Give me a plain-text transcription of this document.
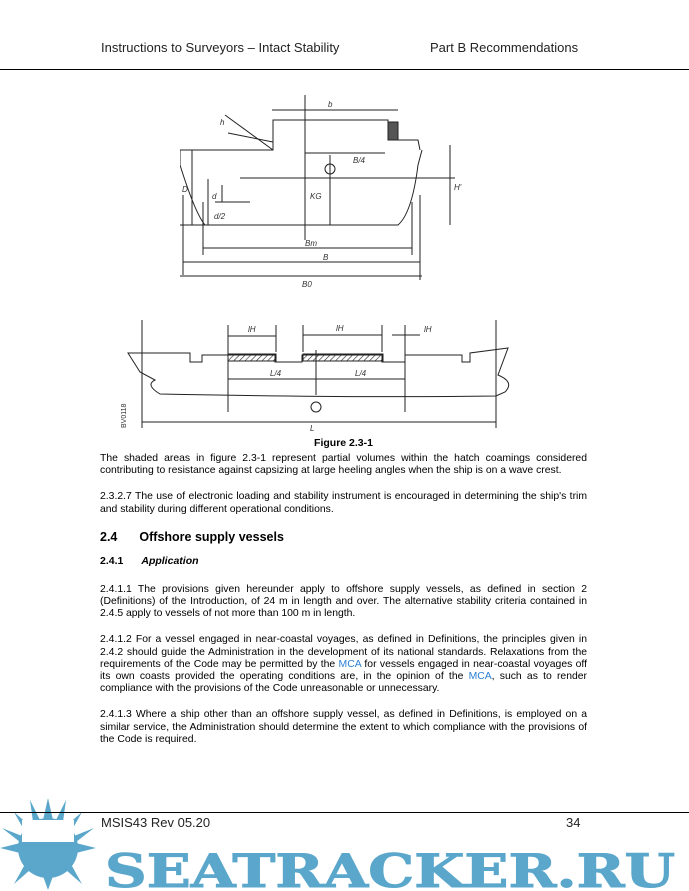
Instructions to Surveyors – Intact Stability	Part B Recommendations
b
h
B/4
D
d
d/2
KG
H'
Bm
B
B0
lH	lH	lH
L/4	L/4
L
BV0118

Figure 2.3-1

The shaded areas in figure 2.3-1 represent partial volumes within the hatch coamings considered contributing to resistance against capsizing at large heeling angles when the ship is on a wave crest.

2.3.2.7 The use of electronic loading and stability instrument is encouraged in determining the ship's trim and stability during different operational conditions.

2.4 Offshore supply vessels
2.4.1 Application

2.4.1.1 The provisions given hereunder apply to offshore supply vessels, as defined in section 2 (Definitions) of the Introduction, of 24 m in length and over. The alternative stability criteria contained in 2.4.5 apply to vessels of not more than 100 m in length.

2.4.1.2 For a vessel engaged in near-coastal voyages, as defined in Definitions, the principles given in 2.4.2 should guide the Administration in the development of its national standards. Relaxations from the requirements of the Code may be permitted by the MCA for vessels engaged in near-coastal voyages off its own coasts provided the operating conditions are, in the opinion of the MCA, such as to render compliance with the provisions of the Code unreasonable or unnecessary.

2.4.1.3 Where a ship other than an offshore supply vessel, as defined in Definitions, is employed on a similar service, the Administration should determine the extent to which compliance with the provisions of the Code is required.

SEATRACKER.RU
MSIS43 Rev 05.20	34
